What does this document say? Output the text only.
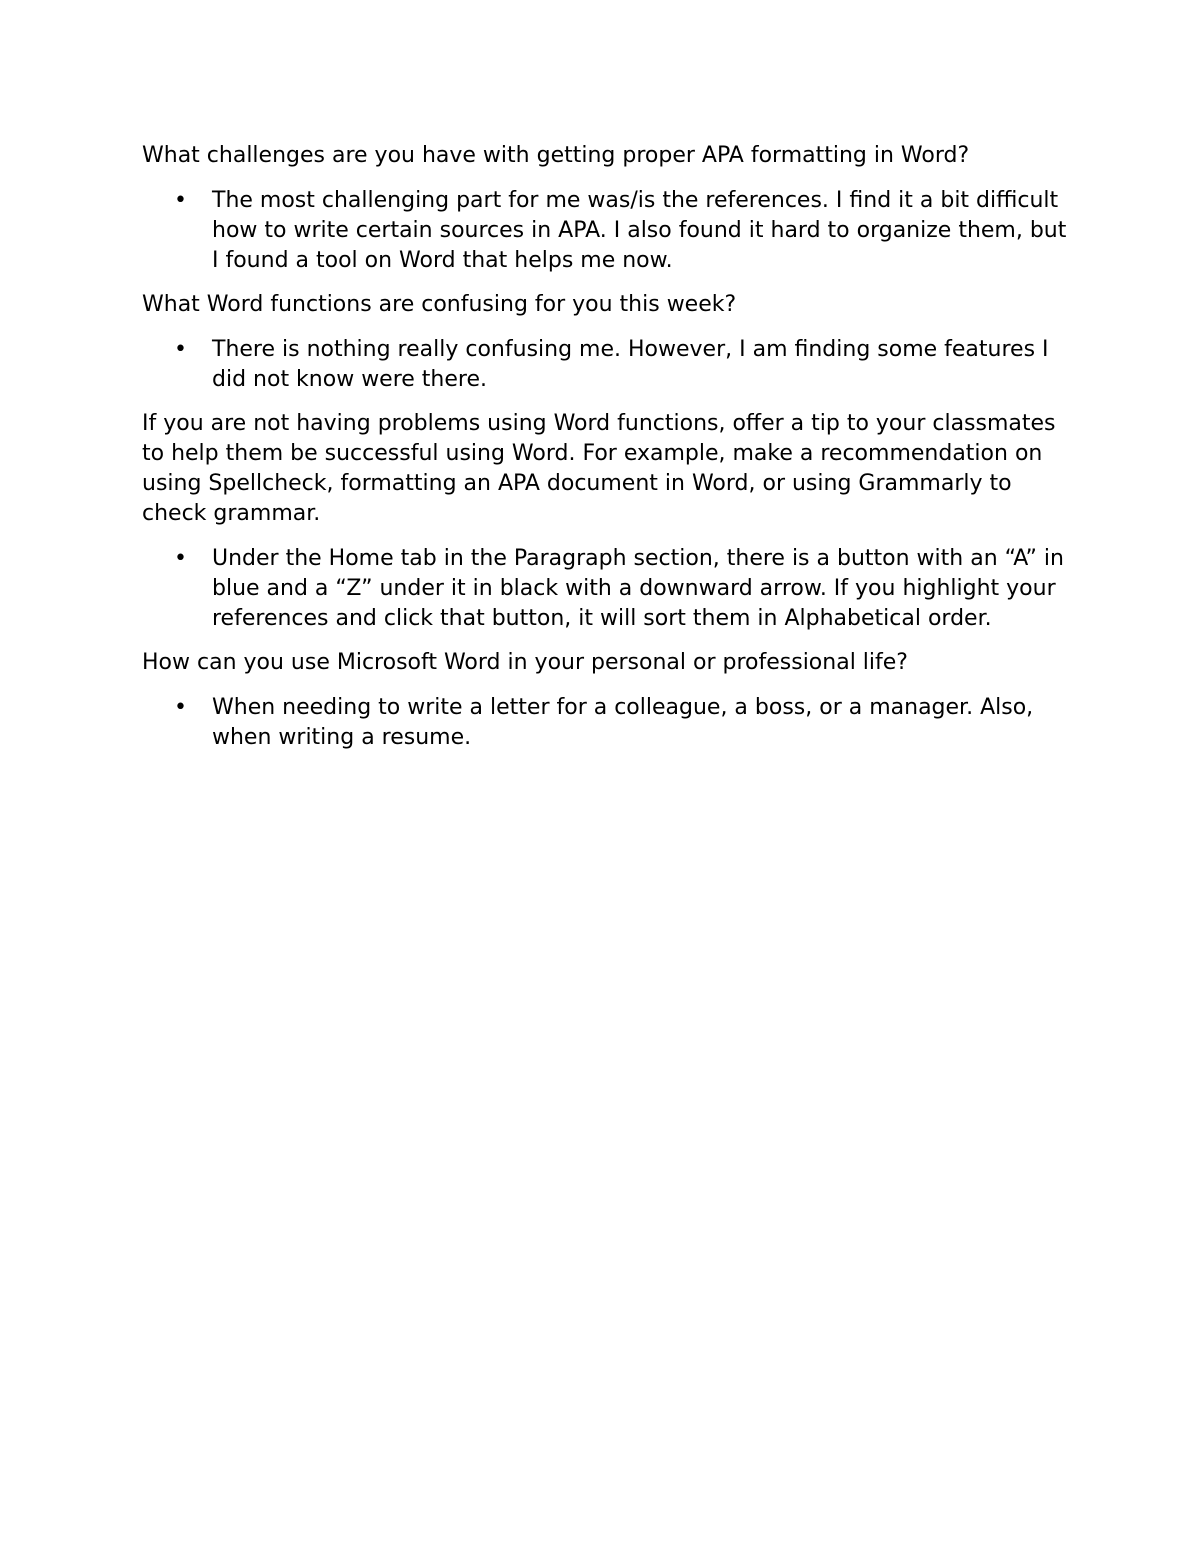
What challenges are you have with getting proper APA formatting in Word?

• The most challenging part for me was/is the references. I find it a bit difficult how to write certain sources in APA. I also found it hard to organize them, but I found a tool on Word that helps me now.

What Word functions are confusing for you this week?

• There is nothing really confusing me. However, I am finding some features I did not know were there.

If you are not having problems using Word functions, offer a tip to your classmates to help them be successful using Word. For example, make a recommendation on using Spellcheck, formatting an APA document in Word, or using Grammarly to check grammar.

• Under the Home tab in the Paragraph section, there is a button with an “A” in blue and a “Z” under it in black with a downward arrow. If you highlight your references and click that button, it will sort them in Alphabetical order.

How can you use Microsoft Word in your personal or professional life?

• When needing to write a letter for a colleague, a boss, or a manager. Also, when writing a resume.
